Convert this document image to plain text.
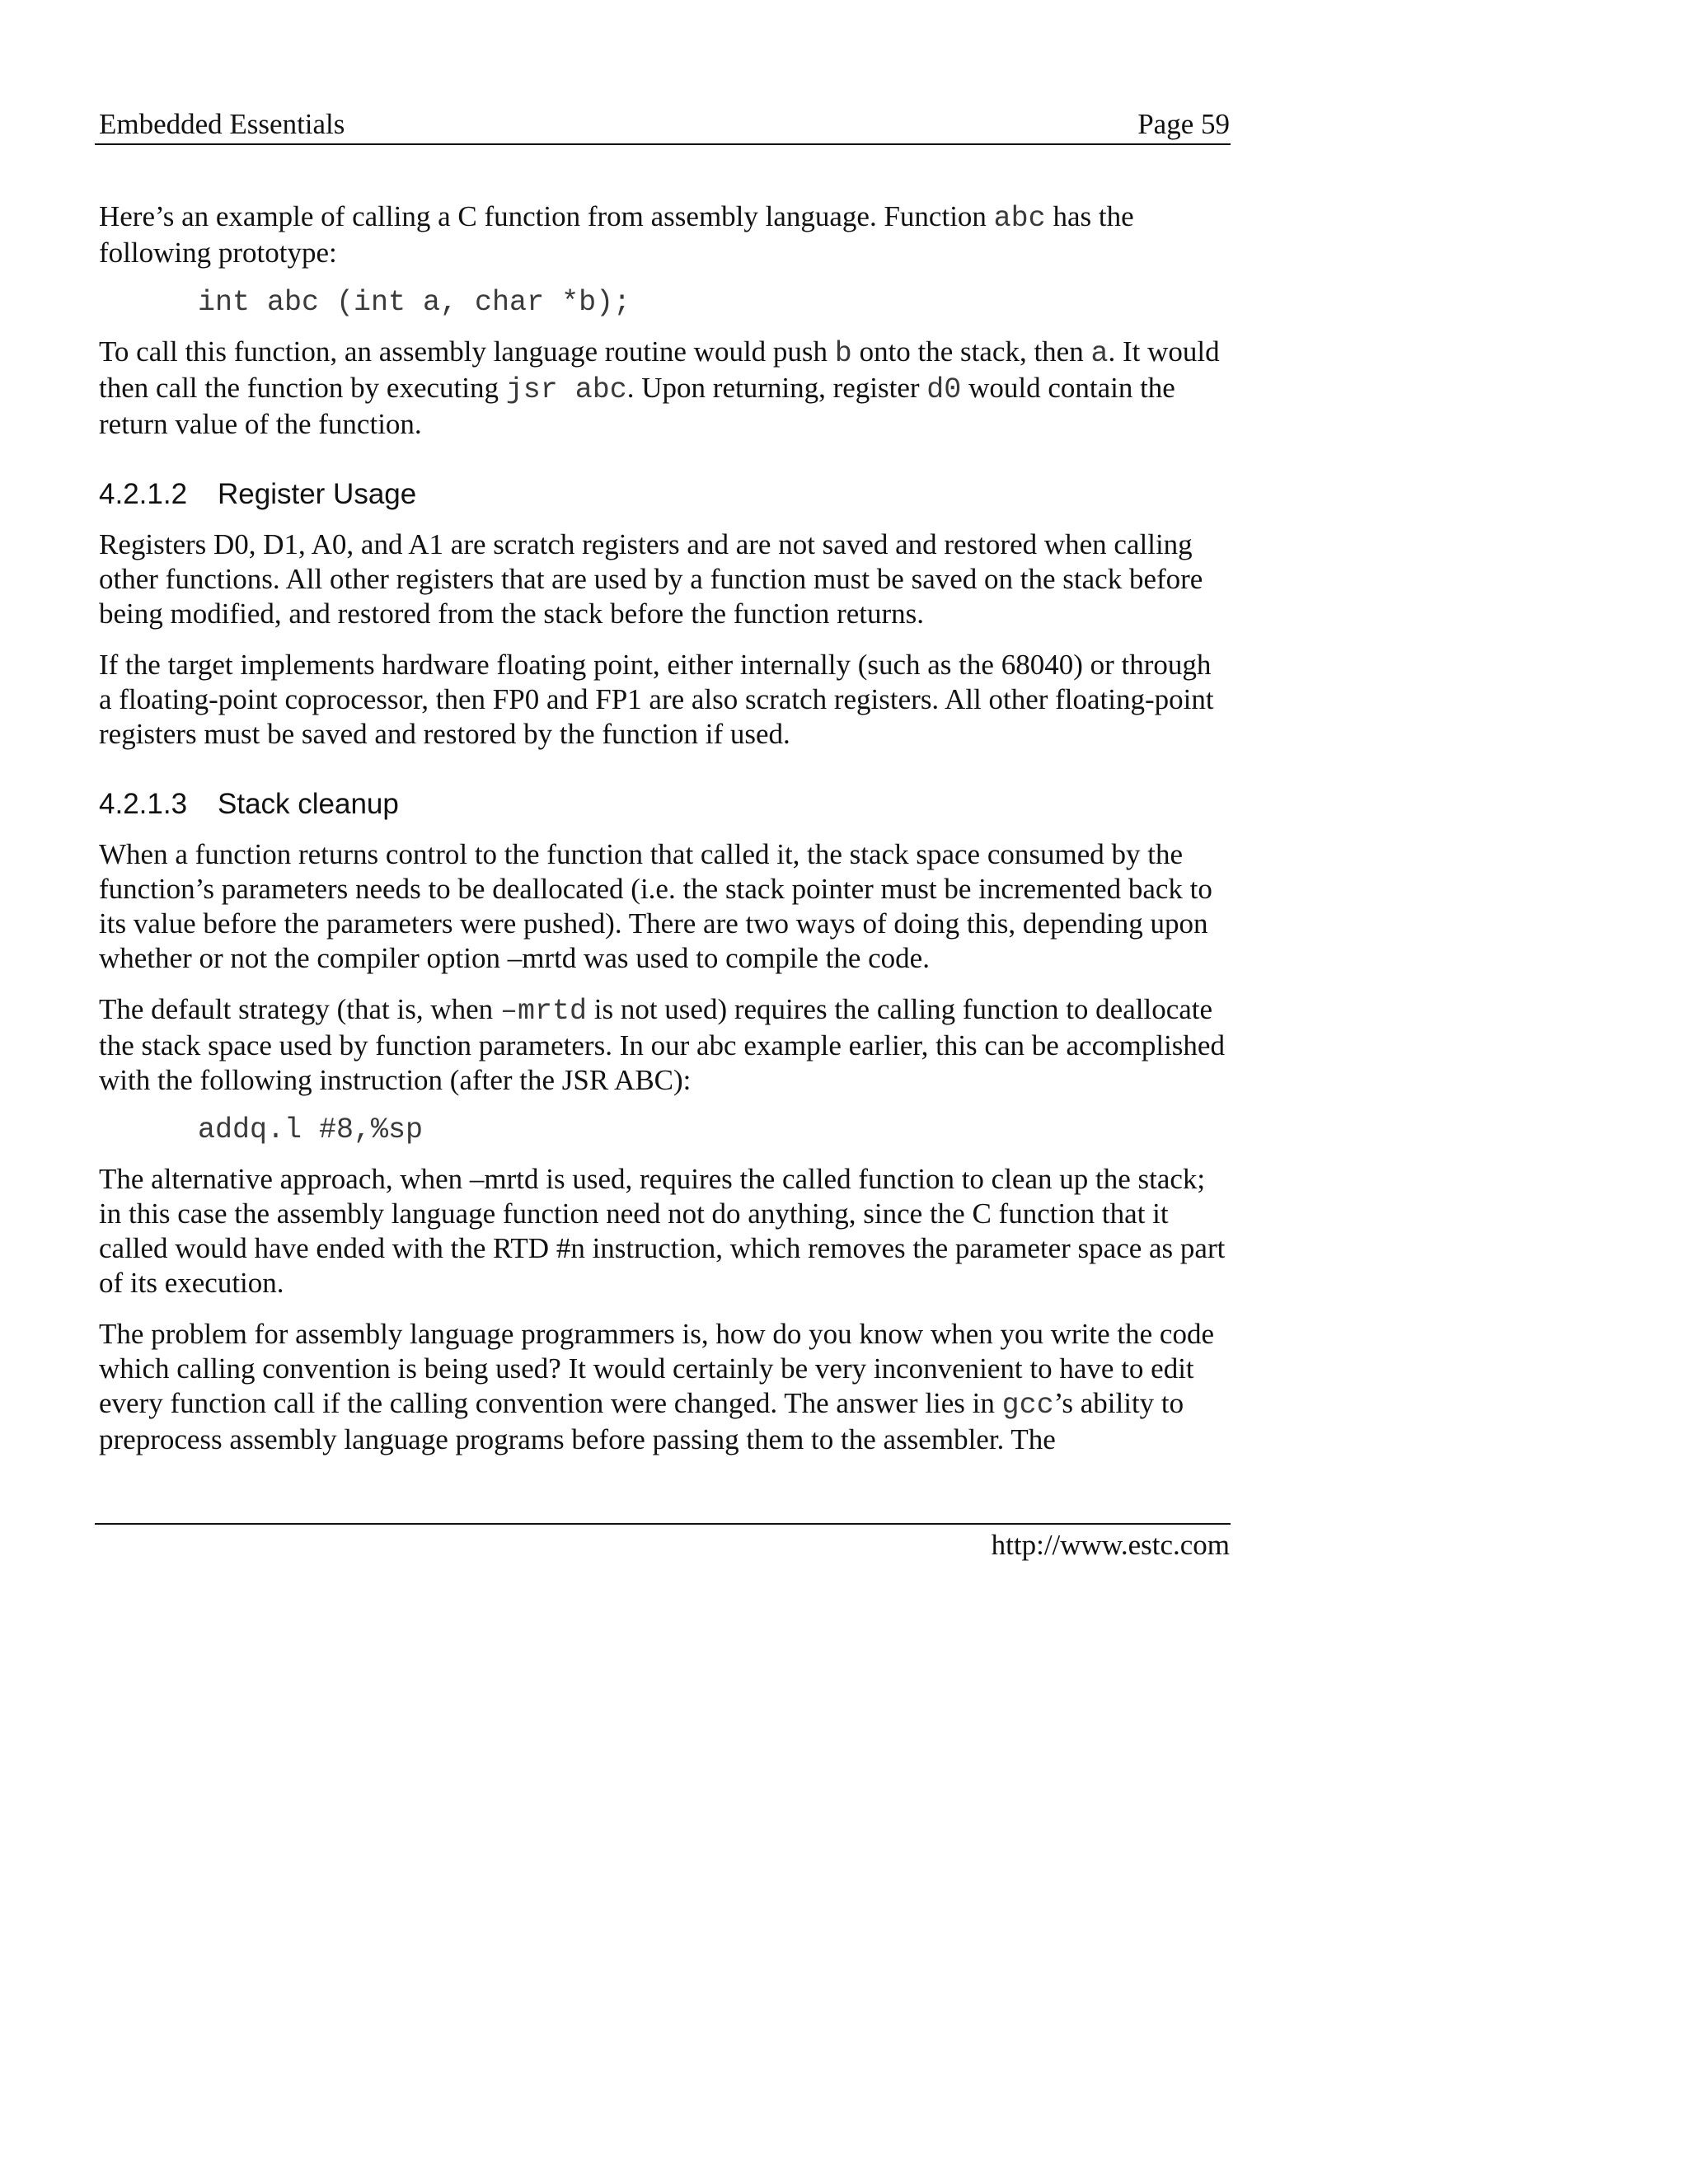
Embedded Essentials	Page 59

Here’s an example of calling a C function from assembly language. Function abc has the following prototype:

int abc (int a, char *b);

To call this function, an assembly language routine would push b onto the stack, then a. It would then call the function by executing jsr abc. Upon returning, register d0 would contain the return value of the function.

4.2.1.2 Register Usage

Registers D0, D1, A0, and A1 are scratch registers and are not saved and restored when calling other functions. All other registers that are used by a function must be saved on the stack before being modified, and restored from the stack before the function returns.

If the target implements hardware floating point, either internally (such as the 68040) or through a floating-point coprocessor, then FP0 and FP1 are also scratch registers. All other floating-point registers must be saved and restored by the function if used.

4.2.1.3 Stack cleanup

When a function returns control to the function that called it, the stack space consumed by the function’s parameters needs to be deallocated (i.e. the stack pointer must be incremented back to its value before the parameters were pushed). There are two ways of doing this, depending upon whether or not the compiler option –mrtd was used to compile the code.

The default strategy (that is, when –mrtd is not used) requires the calling function to deallocate the stack space used by function parameters. In our abc example earlier, this can be accomplished with the following instruction (after the JSR ABC):

addq.l #8,%sp

The alternative approach, when –mrtd is used, requires the called function to clean up the stack; in this case the assembly language function need not do anything, since the C function that it called would have ended with the RTD #n instruction, which removes the parameter space as part of its execution.

The problem for assembly language programmers is, how do you know when you write the code which calling convention is being used? It would certainly be very inconvenient to have to edit every function call if the calling convention were changed. The answer lies in gcc’s ability to preprocess assembly language programs before passing them to the assembler. The

http://www.estc.com
